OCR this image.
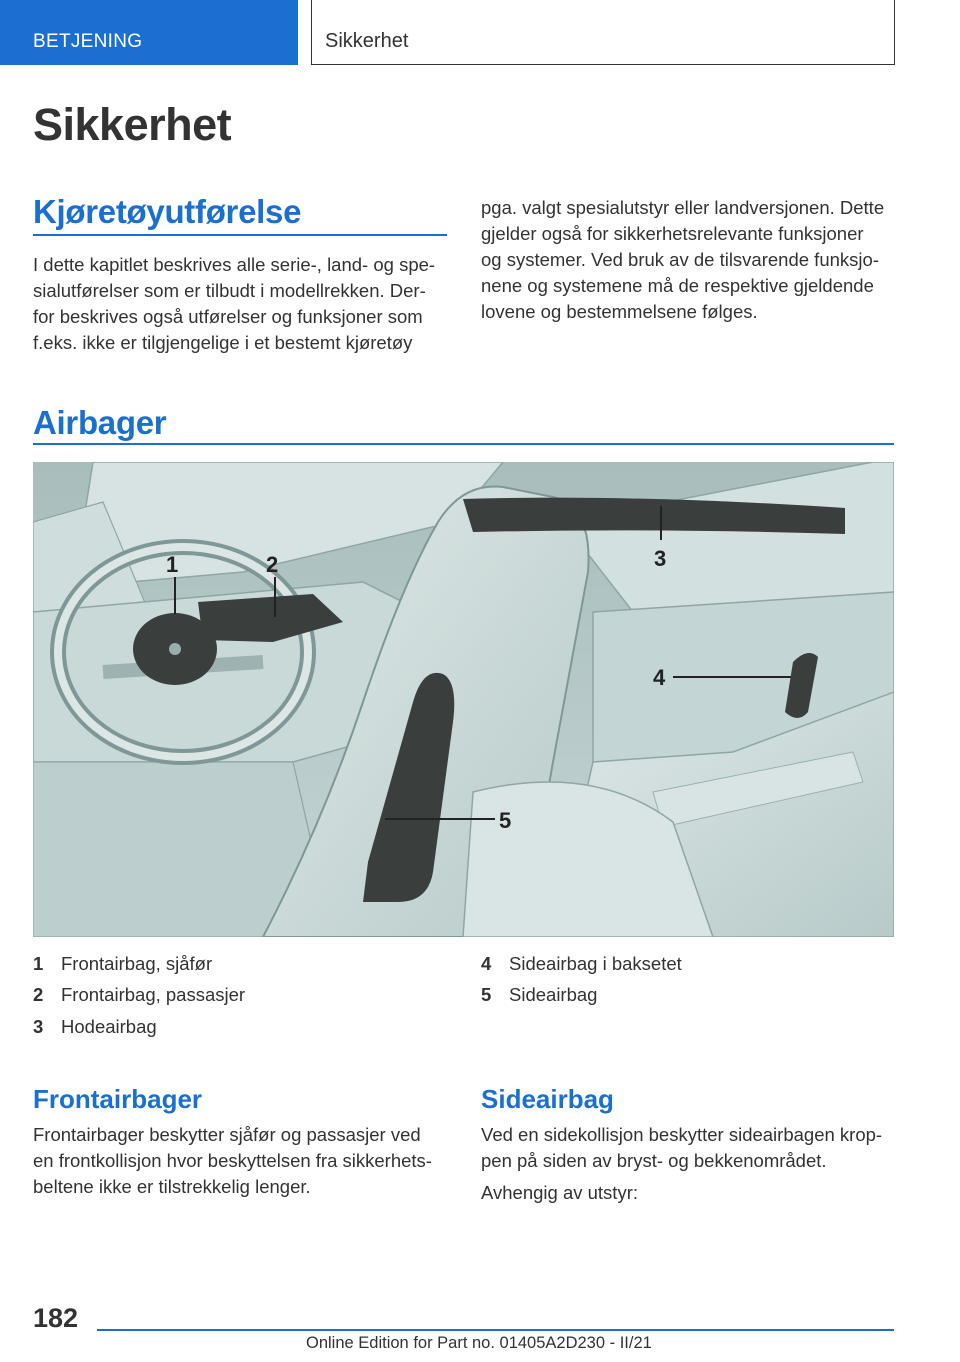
BETJENING	Sikkerhet
Sikkerhet
Kjøretøyutførelse
I dette kapitlet beskrives alle serie-, land- og spe-
sialutførelser som er tilbudt i modellrekken. Der-
for beskrives også utførelser og funksjoner som
f.eks. ikke er tilgjengelige i et bestemt kjøretøy
pga. valgt spesialutstyr eller landversjonen. Dette
gjelder også for sikkerhetsrelevante funksjoner
og systemer. Ved bruk av de tilsvarende funksjo-
nene og systemene må de respektive gjeldende
lovene og bestemmelsene følges.
Airbager
1	2	3
4
5
1 Frontairbag, sjåfør
2 Frontairbag, passasjer
3 Hodeairbag
4 Sideairbag i baksetet
5 Sideairbag
Frontairbager
Frontairbager beskytter sjåfør og passasjer ved
en frontkollisjon hvor beskyttelsen fra sikkerhets-
beltene ikke er tilstrekkelig lenger.
Sideairbag
Ved en sidekollisjon beskytter sideairbagen krop-
pen på siden av bryst- og bekkenområdet.
Avhengig av utstyr:
182
Online Edition for Part no. 01405A2D230 - II/21
